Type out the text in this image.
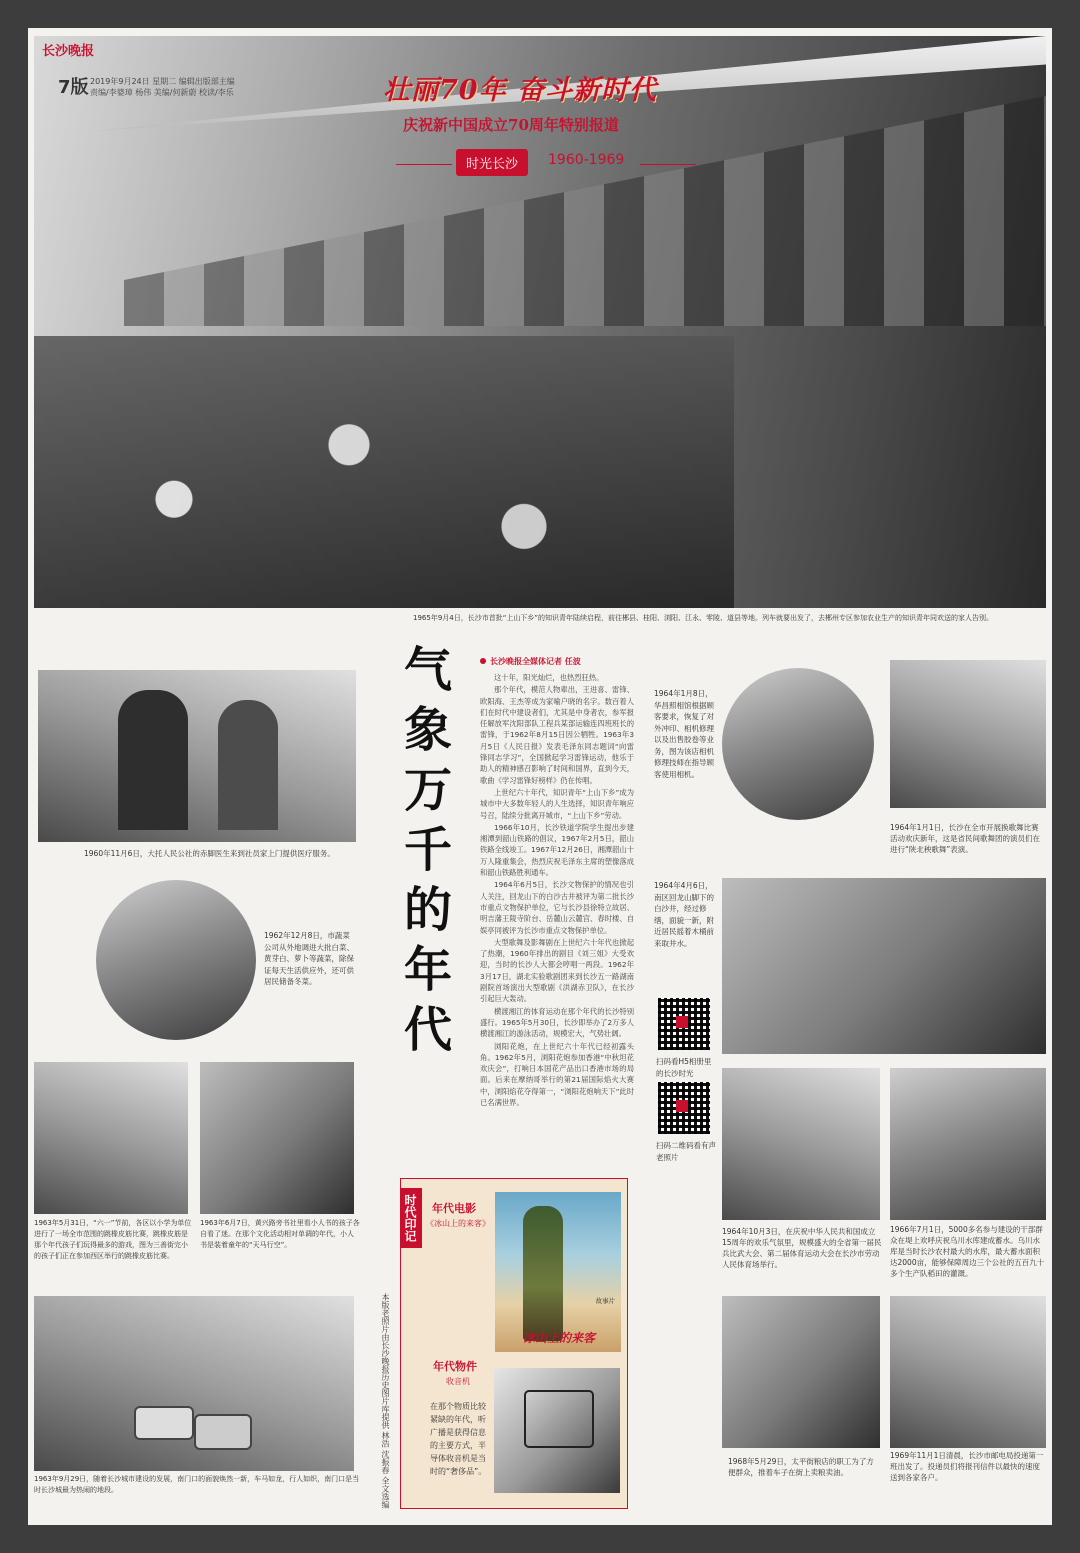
长沙晚报
7版 2019年9月24日 星期二 编辑出版部主编
责编/李婆璋 杨伟 美编/何新蔚 校读/李乐	壮丽70年 奋斗新时代
庆祝新中国成立70周年特别报道
时光长沙	1960-1969
1965年9月4日，长沙市首批“上山下乡”的知识青年陆续启程，前往郴县、桂阳、浏阳、江永、零陵、道县等地。列车就要出发了，去郴州专区参加农业生产的知识青年同欢送的家人告别。
1960年11月6日，大托人民公社的赤脚医生来到社员家上门提供医疗服务。
1962年12月8日，市蔬菜公司从外地调进大批白菜、黄芽白、萝卜等蔬菜，除保证每天生活供应外，还可供居民储备冬菜。
1963年5月31日，“六一”节前，各区以小学为单位进行了一场全市范围的跳橡皮筋比赛，跳橡皮筋是那个年代孩子们玩得最多的游戏，图为三善街完小的孩子们正在参加西区举行的跳橡皮筋比赛。
1963年6月7日，黄兴路旁书社里看小人书的孩子各自看了迷。在那个文化活动相对单调的年代，小人书是装着童年的“天马行空”。
1963年9月29日，随着长沙城市建设的发展，南门口的面貌焕然一新，车马如龙，行人如织，南门口是当时长沙城最为热闹的地段。
气
象
万
千
的
年
代
长沙晚报全媒体记者 任波

这十年，阳光灿烂，也热烈狂热。

那个年代，模范人物辈出，王进喜、雷锋、欧阳海、王杰等成为家喻户晓的名字。数百着人们在时代中建设者们，尤其是中身者农，参军报任解放军沈阳部队工程兵某部运输连四班班长的雷锋，于1962年8月15日因公牺牲。1963年3月5日《人民日报》发表毛泽东同志题词“向雷锋同志学习”，全国掀起学习雷锋运动，他乐于助人的精神感召影响了时间和国界，直到今天，歌曲《学习雷锋好榜样》仍在传唱。

上世纪六十年代，知识青年“上山下乡”成为城市中大多数年轻人的人生选择，知识青年响应号召，陆续分批离开城市，“上山下乡”劳动。

1966年10月，长沙铁道学院学生提出步建湘潭到韶山铁路的倡议，1967年2月5日，韶山铁路全线竣工。1967年12月26日，湘潭韶山十万人隆重集会，热烈庆祝毛泽东主席的塑像落成和韶山铁路胜利通车。

1964年6月5日，长沙文物保护的情况也引人关注，回龙山下的白沙古井被评为第二批长沙市重点文物保护单位，它与长沙县徐特立故居、明吉藩王陵寺阶台、岳麓山云麓宫、春时楼、自娱亭同被评为长沙市重点文物保护单位。

大型歌舞及影舞剧在上世纪六十年代也掀起了热潮，1960年排出的剧目《刘三姐》大受欢迎，当时的长沙人大都会哼唱一两段。1962年3月17日，湖北实验歌剧团来到长沙五一路湖南剧院首场演出大型歌剧《洪湖赤卫队》，在长沙引起巨大轰动。

横渡湘江的体育运动在那个年代的长沙特别盛行。1965年5月30日，长沙即举办了2万多人横渡湘江的游泳活动，规模宏大，气势壮阔。

浏阳花炮，在上世纪六十年代已经初露头角。1962年5月，浏阳花炮参加香港“中秋坦花欢庆会”，打响日本国花产品出口香港市场的局面。后来在摩纳哥举行的第21届国际焰火大赛中，浏阳焰花夺得第一，“浏阳花炮响天下”此时已名满世界。

时代印记	年代电影
《冰山上的来客》
故事片
冰山上的来客
年代物件
收音机
在那个物质比较紧缺的年代，听广播是获得信息的主要方式，半导体收音机是当时的“奢侈品”。
本版老照片由长沙晚报历史图片库提供 林浩 沈振春 全文选编
1964年1月8日，华昌照相馆根据顾客要求，恢复了对外冲印、相机修理以及出售胶卷等业务，图为该店相机修理技师在指导顾客使用相机。
1964年1月1日，长沙在全市开展换歌舞比赛活动欢庆新年，这是省民间歌舞团的演员们在进行“陕北秧歌舞”表演。
1964年4月6日，南区回龙山脚下的白沙井，经过修缮，面貌一新，附近居民摇着木桶前来取井水。
扫码看H5相册里的长沙时光
扫码二维码看有声老照片
1964年10月3日，在庆祝中华人民共和国成立15周年的欢乐气氛里，规模盛大的全省第一届民兵比武大会、第二届体育运动大会在长沙市劳动人民体育场举行。
1966年7月1日，5000多名参与建设的干部群众在堤上欢呼庆祝乌川水库建成蓄水。乌川水库是当时长沙农村最大的水库，最大蓄水面积达2000亩，能够保障周边三个公社的五百九十多个生产队稻田的灌溉。
1968年5月29日，太平街粮店的职工为了方便群众，推着车子在街上卖粮卖油。
1969年11月1日清晨，长沙市邮电局投递第一班出发了。投递员们将报刊信件以最快的速度送到各家各户。
